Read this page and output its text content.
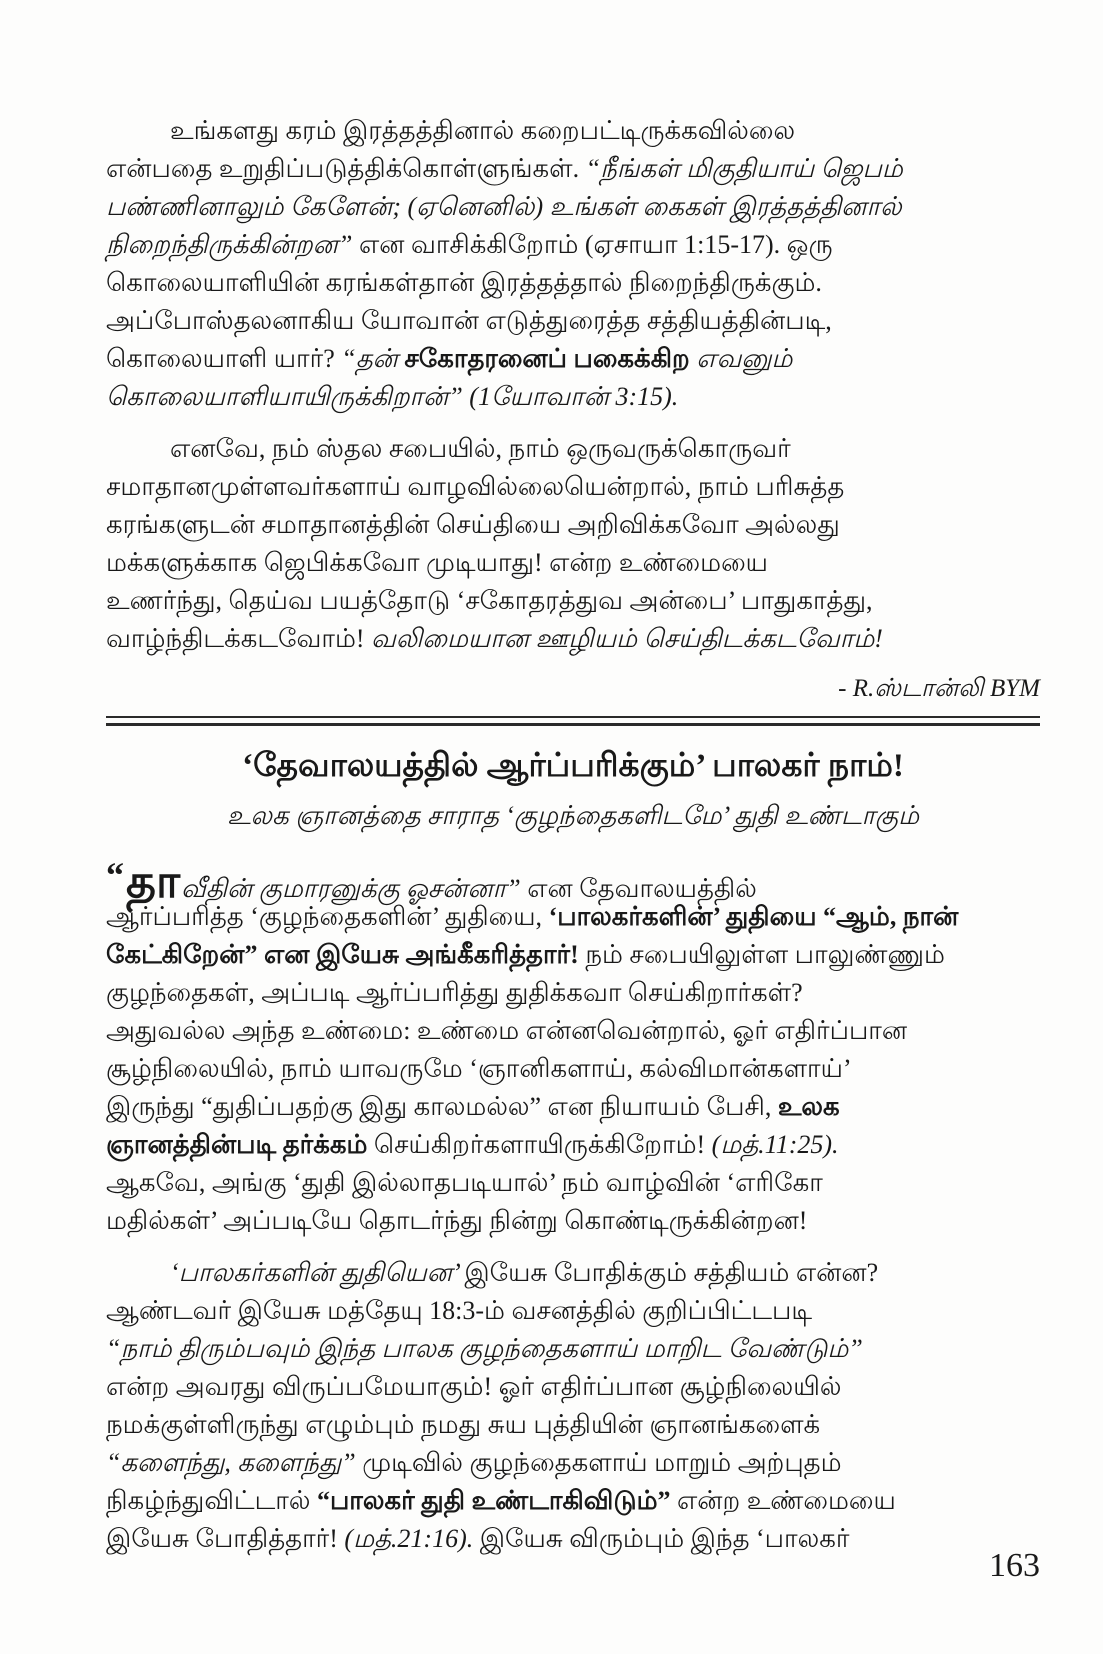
உங்களது கரம் இரத்தத்தினால் கறைபட்டிருக்கவில்லை
என்பதை உறுதிப்படுத்திக்கொள்ளுங்கள். “நீங்கள் மிகுதியாய் ஜெபம்
பண்ணினாலும் கேளேன்; (ஏனெனில்) உங்கள் கைகள் இரத்தத்தினால்
நிறைந்திருக்கின்றன” என வாசிக்கிறோம் (ஏசாயா 1:15-17). ஒரு
கொலையாளியின் கரங்கள்தான் இரத்தத்தால் நிறைந்திருக்கும்.
அப்போஸ்தலனாகிய யோவான் எடுத்துரைத்த சத்தியத்தின்படி,
கொலையாளி யார்? “தன் சகோதரனைப் பகைக்கிற எவனும்
கொலையாளியாயிருக்கிறான்” (1யோவான் 3:15).
எனவே, நம் ஸ்தல சபையில், நாம் ஒருவருக்கொருவர்
சமாதானமுள்ளவர்களாய் வாழவில்லையென்றால், நாம் பரிசுத்த
கரங்களுடன் சமாதானத்தின் செய்தியை அறிவிக்கவோ அல்லது
மக்களுக்காக ஜெபிக்கவோ முடியாது! என்ற உண்மையை
உணர்ந்து, தெய்வ பயத்தோடு ‘சகோதரத்துவ அன்பை’ பாதுகாத்து,
வாழ்ந்திடக்கடவோம்! வலிமையான ஊழியம் செய்திடக்கடவோம்!
- R.ஸ்டான்லி BYM
‘தேவாலயத்தில் ஆர்ப்பரிக்கும்’ பாலகர் நாம்!
உலக ஞானத்தை சாராத ‘குழந்தைகளிடமே’ துதி உண்டாகும்
“தாவீதின் குமாரனுக்கு ஓசன்னா” என தேவாலயத்தில்
ஆர்ப்பரித்த ‘குழந்தைகளின்’ துதியை, ‘பாலகர்களின்’ துதியை “ஆம், நான்
கேட்கிறேன்” என இயேசு அங்கீகரித்தார்! நம் சபையிலுள்ள பாலுண்ணும்
குழந்தைகள், அப்படி ஆர்ப்பரித்து துதிக்கவா செய்கிறார்கள்?
அதுவல்ல அந்த உண்மை: உண்மை என்னவென்றால், ஓர் எதிர்ப்பான
சூழ்நிலையில், நாம் யாவருமே ‘ஞானிகளாய், கல்விமான்களாய்’
இருந்து “துதிப்பதற்கு இது காலமல்ல” என நியாயம் பேசி, உலக
ஞானத்தின்படி தர்க்கம் செய்கிறர்களாயிருக்கிறோம்! (மத்.11:25).
ஆகவே, அங்கு ‘துதி இல்லாதபடியால்’ நம் வாழ்வின் ‘எரிகோ
மதில்கள்’ அப்படியே தொடர்ந்து நின்று கொண்டிருக்கின்றன!
‘பாலகர்களின் துதியென’ இயேசு போதிக்கும் சத்தியம் என்ன?
ஆண்டவர் இயேசு மத்தேயு 18:3-ம் வசனத்தில் குறிப்பிட்டபடி
“நாம் திரும்பவும் இந்த பாலக குழந்தைகளாய் மாறிட வேண்டும்”
என்ற அவரது விருப்பமேயாகும்! ஓர் எதிர்ப்பான சூழ்நிலையில்
நமக்குள்ளிருந்து எழும்பும் நமது சுய புத்தியின் ஞானங்களைக்
“களைந்து, களைந்து” முடிவில் குழந்தைகளாய் மாறும் அற்புதம்
நிகழ்ந்துவிட்டால் “பாலகர் துதி உண்டாகிவிடும்” என்ற உண்மையை
இயேசு போதித்தார்! (மத்.21:16). இயேசு விரும்பும் இந்த ‘பாலகர்
163
